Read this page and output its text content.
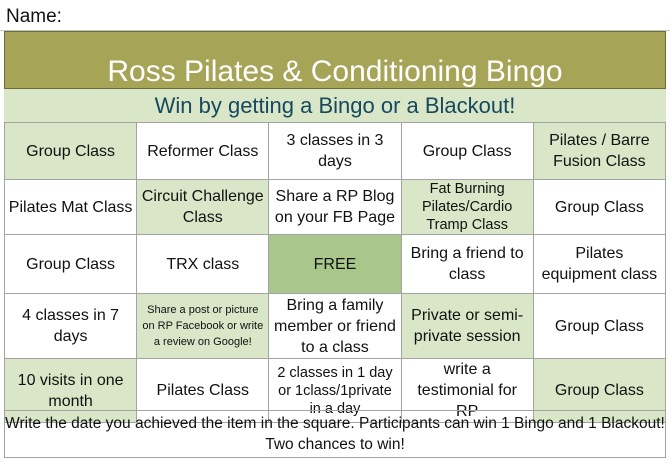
Name:
Ross Pilates & Conditioning Bingo
Win by getting a Bingo or a Blackout!
Group Class	Reformer Class	3 classes in 3 days	Group Class	Pilates / Barre Fusion Class
Pilates Mat Class	Circuit Challenge Class	Share a RP Blog on your FB Page	Fat Burning Pilates/Cardio Tramp Class	Group Class
Group Class	TRX class	FREE	Bring a friend to class	Pilates equipment class
4 classes in 7 days	Share a post or picture on RP Facebook or write a review on Google!	Bring a family member or friend to a class	Private or semi-private session	Group Class
10 visits in one month	Pilates Class	2 classes in 1 day or 1class/1private in a day	write a testimonial for RP	Group Class
Write the date you achieved the item in the square. Participants can win 1 Bingo and 1 Blackout! Two chances to win!
